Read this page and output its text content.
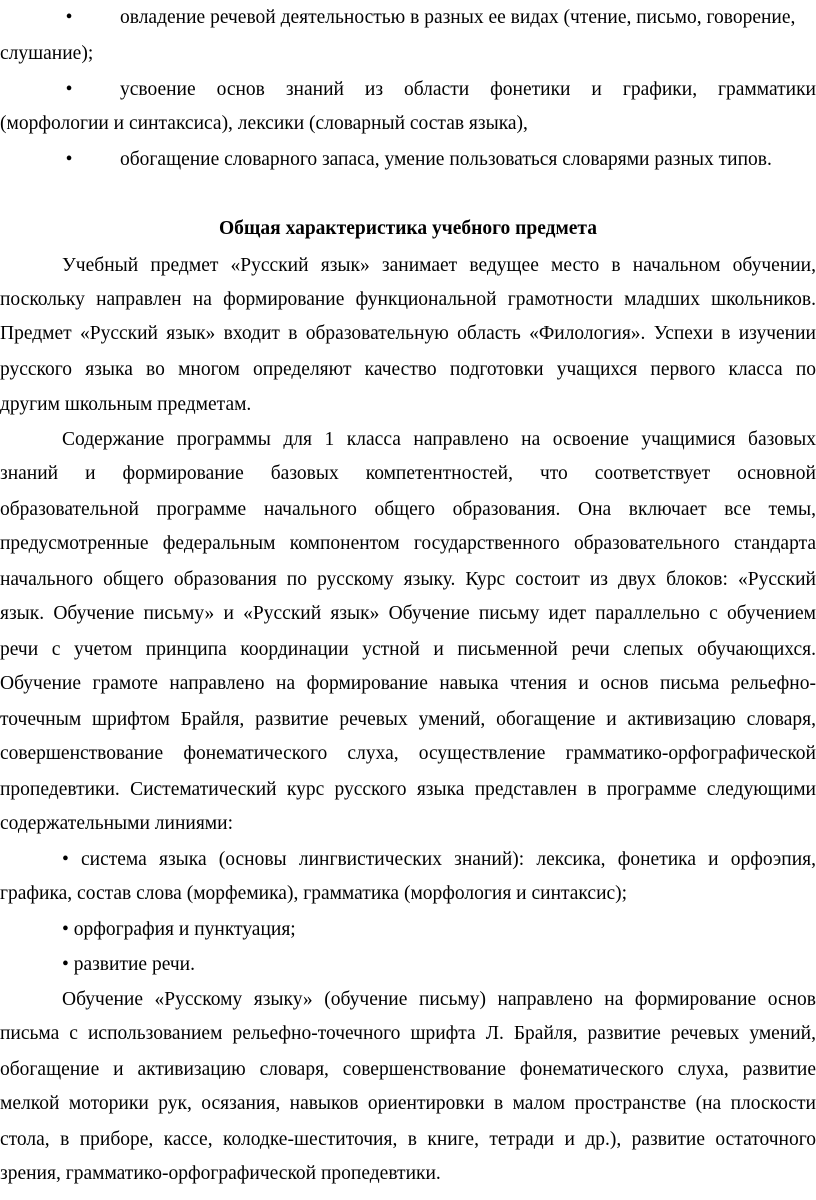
• овладение речевой деятельностью в разных ее видах (чтение, письмо, говорение,
слушание);
• усвоение основ знаний из области фонетики и графики, грамматики
(морфологии и синтаксиса), лексики (словарный состав языка),
• обогащение словарного запаса, умение пользоваться словарями разных типов.
Общая характеристика учебного предмета
Учебный предмет «Русский язык» занимает ведущее место в начальном обучении,
поскольку направлен на формирование функциональной грамотности младших школьников.
Предмет «Русский язык» входит в образовательную область «Филология». Успехи в изучении
русского языка во многом определяют качество подготовки учащихся первого класса по
другим школьным предметам.
Содержание программы для 1 класса направлено на освоение учащимися базовых
знаний и формирование базовых компетентностей, что соответствует основной
образовательной программе начального общего образования. Она включает все темы,
предусмотренные федеральным компонентом государственного образовательного стандарта
начального общего образования по русскому языку. Курс состоит из двух блоков: «Русский
язык. Обучение письму» и «Русский язык» Обучение письму идет параллельно с обучением
речи с учетом принципа координации устной и письменной речи слепых обучающихся.
Обучение грамоте направлено на формирование навыка чтения и основ письма рельефно-
точечным шрифтом Брайля, развитие речевых умений, обогащение и активизацию словаря,
совершенствование фонематического слуха, осуществление грамматико-орфографической
пропедевтики. Систематический курс русского языка представлен в программе следующими
содержательными линиями:
• система языка (основы лингвистических знаний): лексика, фонетика и орфоэпия,
графика, состав слова (морфемика), грамматика (морфология и синтаксис);
• орфография и пунктуация;
• развитие речи.
Обучение «Русскому языку» (обучение письму) направлено на формирование основ
письма с использованием рельефно-точечного шрифта Л. Брайля, развитие речевых умений,
обогащение и активизацию словаря, совершенствование фонематического слуха, развитие
мелкой моторики рук, осязания, навыков ориентировки в малом пространстве (на плоскости
стола, в приборе, кассе, колодке-шеститочия, в книге, тетради и др.), развитие остаточного
зрения, грамматико-орфографической пропедевтики.
